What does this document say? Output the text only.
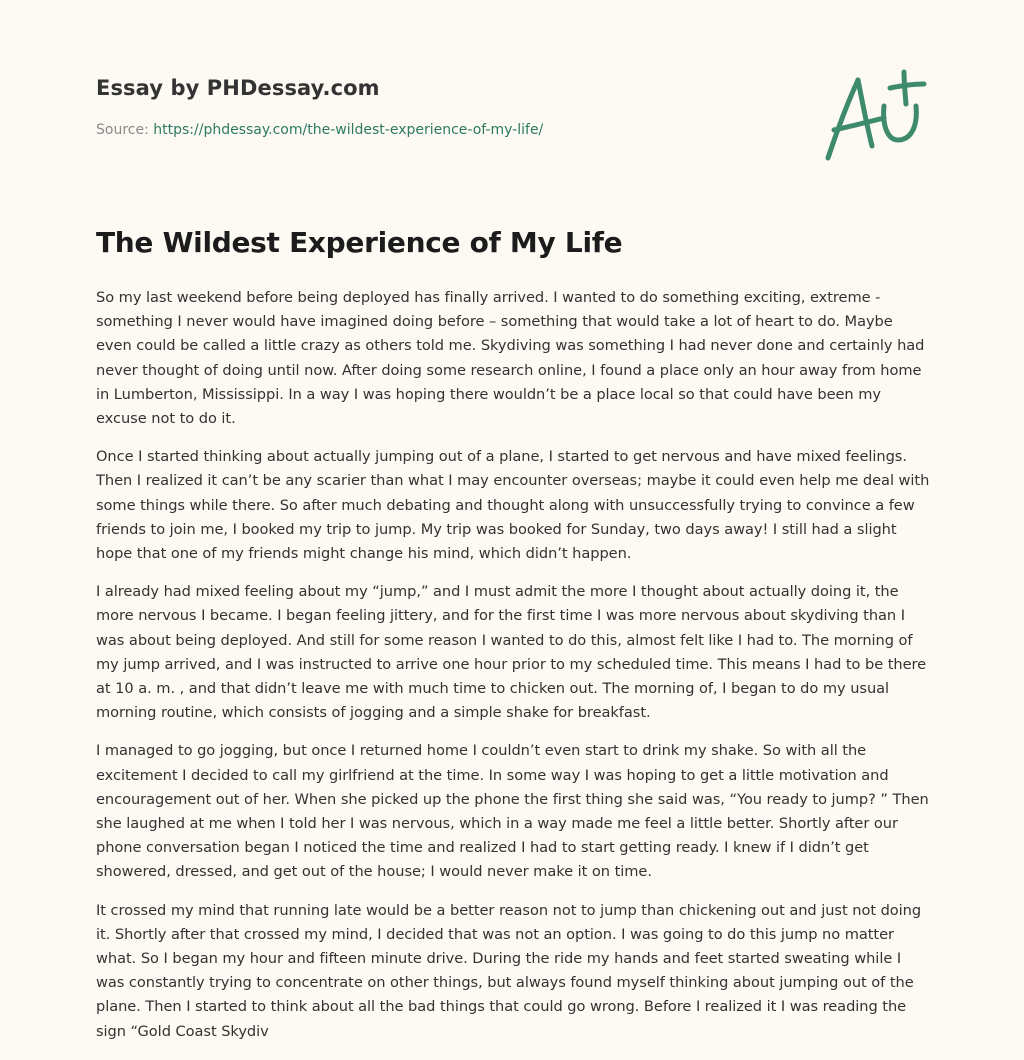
Essay by PHDessay.com
Source: https://phdessay.com/the-wildest-experience-of-my-life/
The Wildest Experience of My Life

So my last weekend before being deployed has finally arrived. I wanted to do something exciting, extreme - something I never would have imagined doing before – something that would take a lot of heart to do. Maybe even could be called a little crazy as others told me. Skydiving was something I had never done and certainly had never thought of doing until now. After doing some research online, I found a place only an hour away from home in Lumberton, Mississippi. In a way I was hoping there wouldn’t be a place local so that could have been my excuse not to do it.

Once I started thinking about actually jumping out of a plane, I started to get nervous and have mixed feelings. Then I realized it can’t be any scarier than what I may encounter overseas; maybe it could even help me deal with some things while there. So after much debating and thought along with unsuccessfully trying to convince a few friends to join me, I booked my trip to jump. My trip was booked for Sunday, two days away! I still had a slight hope that one of my friends might change his mind, which didn’t happen.

I already had mixed feeling about my “jump,” and I must admit the more I thought about actually doing it, the more nervous I became. I began feeling jittery, and for the first time I was more nervous about skydiving than I was about being deployed. And still for some reason I wanted to do this, almost felt like I had to. The morning of my jump arrived, and I was instructed to arrive one hour prior to my scheduled time. This means I had to be there at 10 a. m. , and that didn’t leave me with much time to chicken out. The morning of, I began to do my usual morning routine, which consists of jogging and a simple shake for breakfast.

I managed to go jogging, but once I returned home I couldn’t even start to drink my shake. So with all the excitement I decided to call my girlfriend at the time. In some way I was hoping to get a little motivation and encouragement out of her. When she picked up the phone the first thing she said was, “You ready to jump? ” Then she laughed at me when I told her I was nervous, which in a way made me feel a little better. Shortly after our phone conversation began I noticed the time and realized I had to start getting ready. I knew if I didn’t get showered, dressed, and get out of the house; I would never make it on time.

It crossed my mind that running late would be a better reason not to jump than chickening out and just not doing it. Shortly after that crossed my mind, I decided that was not an option. I was going to do this jump no matter what. So I began my hour and fifteen minute drive. During the ride my hands and feet started sweating while I was constantly trying to concentrate on other things, but always found myself thinking about jumping out of the plane. Then I started to think about all the bad things that could go wrong. Before I realized it I was reading the sign “Gold Coast Skydiv
